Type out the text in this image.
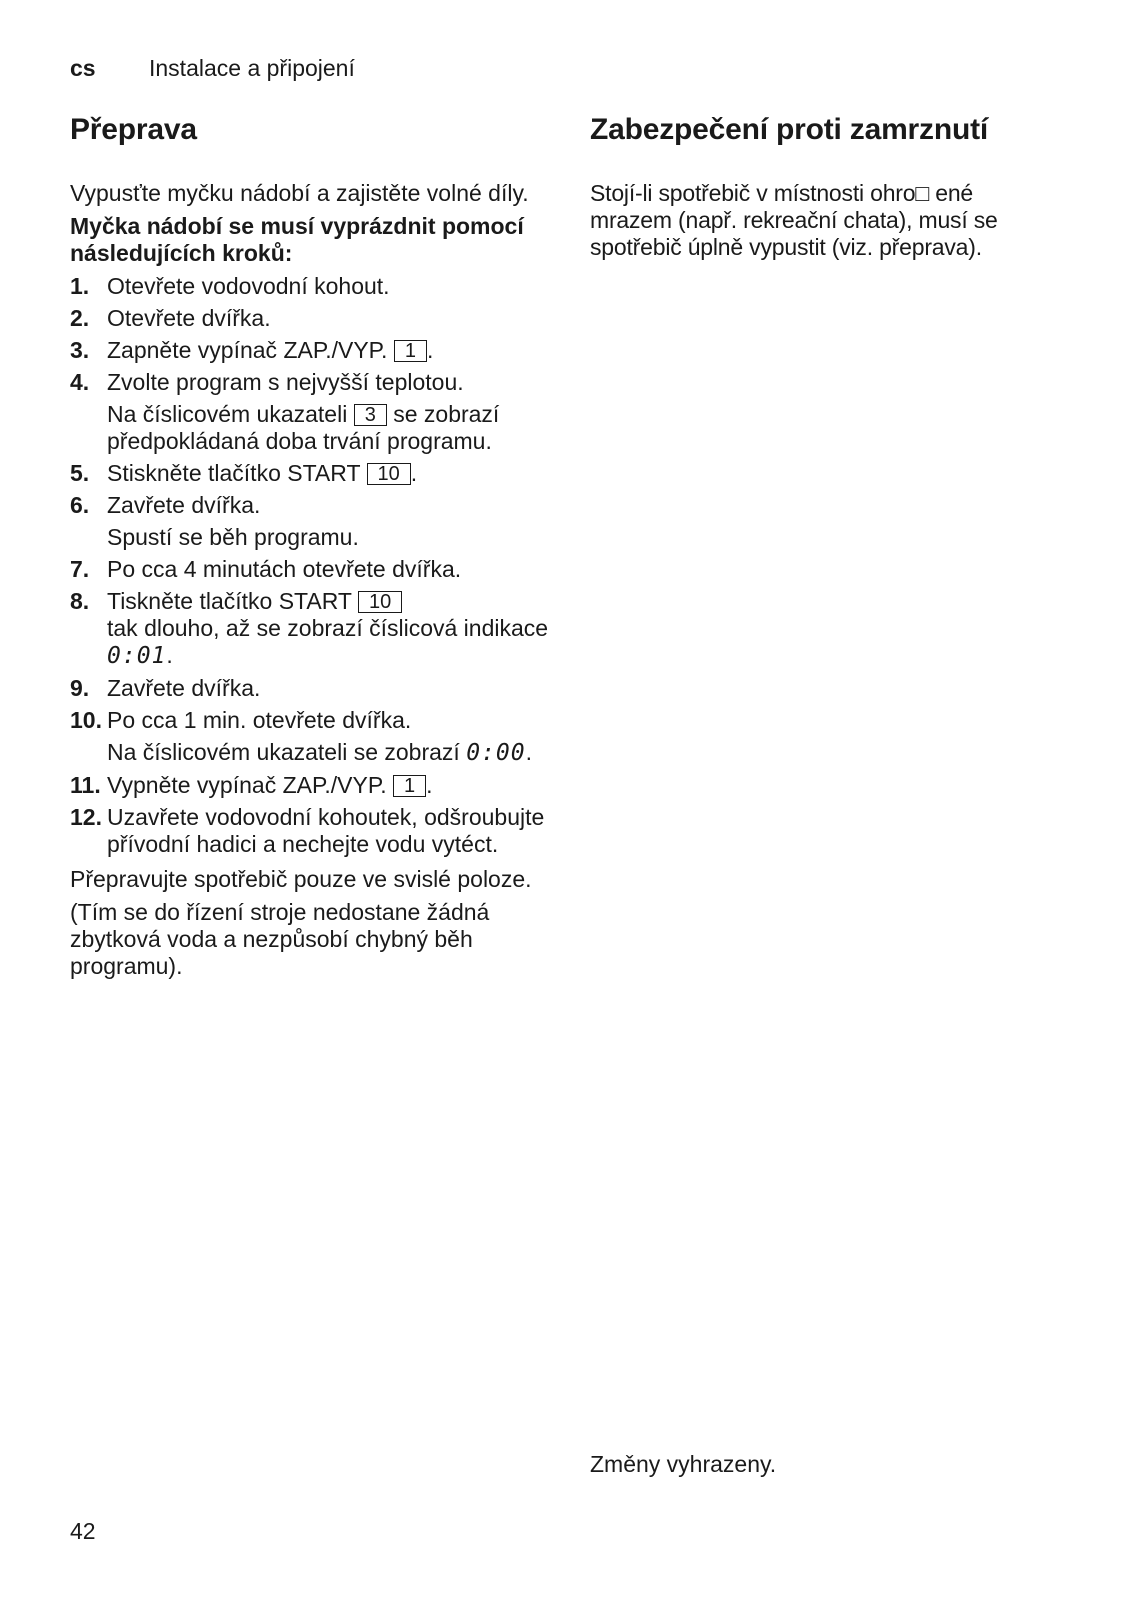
cs Instalace a připojení
Přeprava	Zabezpečení proti zamrznutí

Vypusťte myčku nádobí a zajistěte volné díly.

Myčka nádobí se musí vyprázdnit pomocí následujících kroků:

1. Otevřete vodovodní kohout.
2. Otevřete dvířka.
3. Zapněte vypínač ZAP./VYP. 1 .
4. Zvolte program s nejvyšší teplotou.
Na číslicovém ukazateli 3 se zobrazí předpokládaná doba trvání programu.
5. Stiskněte tlačítko START 10 .
6. Zavřete dvířka.
Spustí se běh programu.
7. Po cca 4 minutách otevřete dvířka.
8. Tiskněte tlačítko START 10
tak dlouho, až se zobrazí číslicová indikace 0:01.
9. Zavřete dvířka.
10. Po cca 1 min. otevřete dvířka.
Na číslicovém ukazateli se zobrazí 0:00.
11. Vypněte vypínač ZAP./VYP. 1 .
12. Uzavřete vodovodní kohoutek, odšroubujte přívodní hadici a nechejte vodu vytéct.

Přepravujte spotřebič pouze ve svislé poloze.

(Tím se do řízení stroje nedostane žádná zbytková voda a nezpůsobí chybný běh programu).

Stojí-li spotřebič v místnosti ohro□ ené mrazem (např. rekreační chata), musí se spotřebič úplně vypustit (viz. přeprava).

Změny vyhrazeny.
42
